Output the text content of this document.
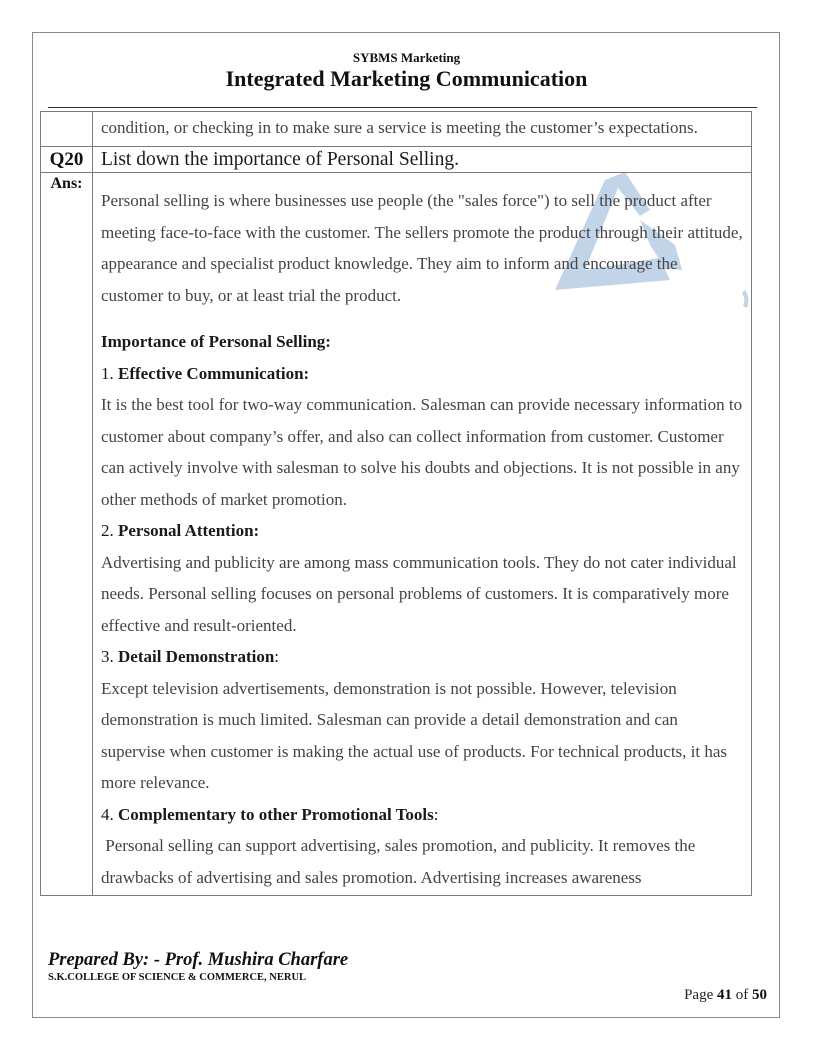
SYBMS Marketing
Integrated Marketing Communication

	condition, or checking in to make sure a service is meeting the customer’s expectations.

Q20	List down the importance of Personal Selling.

Ans:	

Personal selling is where businesses use people (the "sales force") to sell the product after meeting face-to-face with the customer. The sellers promote the product through their attitude, appearance and specialist product knowledge. They aim to inform and encourage the customer to buy, or at least trial the product.

Importance of Personal Selling:

1. Effective Communication:

It is the best tool for two-way communication. Salesman can provide necessary information to customer about company’s offer, and also can collect information from customer. Customer can actively involve with salesman to solve his doubts and objections. It is not possible in any other methods of market promotion.

2. Personal Attention:

Advertising and publicity are among mass communication tools. They do not cater individual needs. Personal selling focuses on personal problems of customers. It is comparatively more effective and result-oriented.

3. Detail Demonstration:

Except television advertisements, demonstration is not possible. However, television demonstration is much limited. Salesman can provide a detail demonstration and can supervise when customer is making the actual use of products. For technical products, it has more relevance.

4. Complementary to other Promotional Tools:

Personal selling can support advertising, sales promotion, and publicity. It removes the drawbacks of advertising and sales promotion. Advertising increases awareness

Prepared By: - Prof. Mushira Charfare
S.K.COLLEGE OF SCIENCE & COMMERCE, NERUL
Page 41 of 50
